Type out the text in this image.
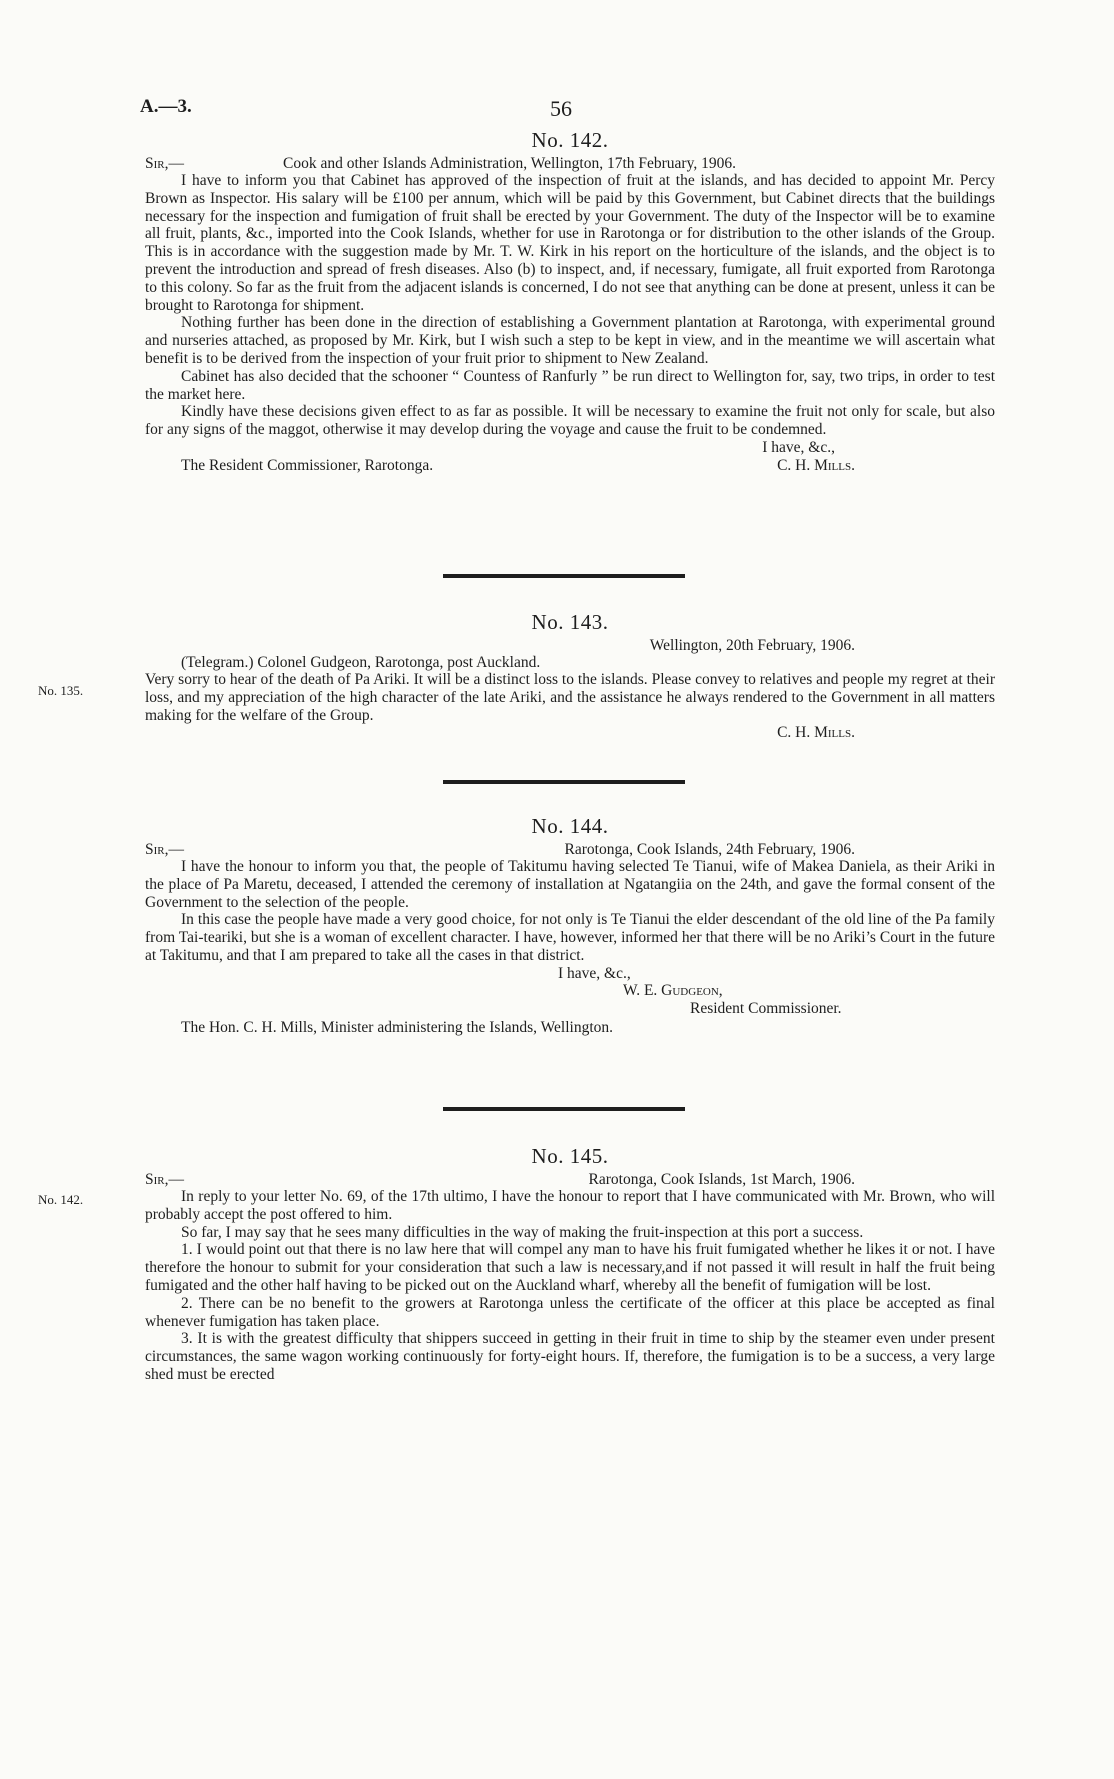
A.—3.	56
No. 142.
Sir,—	Cook and other Islands Administration, Wellington, 17th February, 1906.

I have to inform you that Cabinet has approved of the inspection of fruit at the islands, and has decided to appoint Mr. Percy Brown as Inspector. His salary will be £100 per annum, which will be paid by this Government, but Cabinet directs that the buildings necessary for the inspection and fumigation of fruit shall be erected by your Government. The duty of the Inspector will be to examine all fruit, plants, &c., imported into the Cook Islands, whether for use in Rarotonga or for distribution to the other islands of the Group. This is in accordance with the suggestion made by Mr. T. W. Kirk in his report on the horticulture of the islands, and the object is to prevent the introduction and spread of fresh diseases. Also (b) to inspect, and, if necessary, fumigate, all fruit exported from Rarotonga to this colony. So far as the fruit from the adjacent islands is concerned, I do not see that anything can be done at present, unless it can be brought to Rarotonga for shipment.

Nothing further has been done in the direction of establishing a Government plantation at Rarotonga, with experimental ground and nurseries attached, as proposed by Mr. Kirk, but I wish such a step to be kept in view, and in the meantime we will ascertain what benefit is to be derived from the inspection of your fruit prior to shipment to New Zealand.

Cabinet has also decided that the schooner “ Countess of Ranfurly ” be run direct to Wellington for, say, two trips, in order to test the market here.

Kindly have these decisions given effect to as far as possible. It will be necessary to examine the fruit not only for scale, but also for any signs of the maggot, otherwise it may develop during the voyage and cause the fruit to be condemned.

I have, &c.,
The Resident Commissioner, Rarotonga.	C. H. Mills.
No. 143.
Wellington, 20th February, 1906.
(Telegram.) Colonel Gudgeon, Rarotonga, post Auckland.

Very sorry to hear of the death of Pa Ariki. It will be a distinct loss to the islands. Please convey to relatives and people my regret at their loss, and my appreciation of the high character of the late Ariki, and the assistance he always rendered to the Government in all matters making for the welfare of the Group.

C. H. Mills.
No. 135.
No. 144.
Sir,—	Rarotonga, Cook Islands, 24th February, 1906.

I have the honour to inform you that, the people of Takitumu having selected Te Tianui, wife of Makea Daniela, as their Ariki in the place of Pa Maretu, deceased, I attended the ceremony of installation at Ngatangiia on the 24th, and gave the formal consent of the Government to the selection of the people.

In this case the people have made a very good choice, for not only is Te Tianui the elder descendant of the old line of the Pa family from Tai-teariki, but she is a woman of excellent character. I have, however, informed her that there will be no Ariki’s Court in the future at Takitumu, and that I am prepared to take all the cases in that district.

I have, &c.,
W. E. Gudgeon,
Resident Commissioner.
The Hon. C. H. Mills, Minister administering the Islands, Wellington.
No. 145.
Sir,—	Rarotonga, Cook Islands, 1st March, 1906.

In reply to your letter No. 69, of the 17th ultimo, I have the honour to report that I have communicated with Mr. Brown, who will probably accept the post offered to him.

So far, I may say that he sees many difficulties in the way of making the fruit-inspection at this port a success.

1. I would point out that there is no law here that will compel any man to have his fruit fumigated whether he likes it or not. I have therefore the honour to submit for your consideration that such a law is necessary,and if not passed it will result in half the fruit being fumigated and the other half having to be picked out on the Auckland wharf, whereby all the benefit of fumigation will be lost.

2. There can be no benefit to the growers at Rarotonga unless the certificate of the officer at this place be accepted as final whenever fumigation has taken place.

3. It is with the greatest difficulty that shippers succeed in getting in their fruit in time to ship by the steamer even under present circumstances, the same wagon working continuously for forty-eight hours. If, therefore, the fumigation is to be a success, a very large shed must be erected

No. 142.
